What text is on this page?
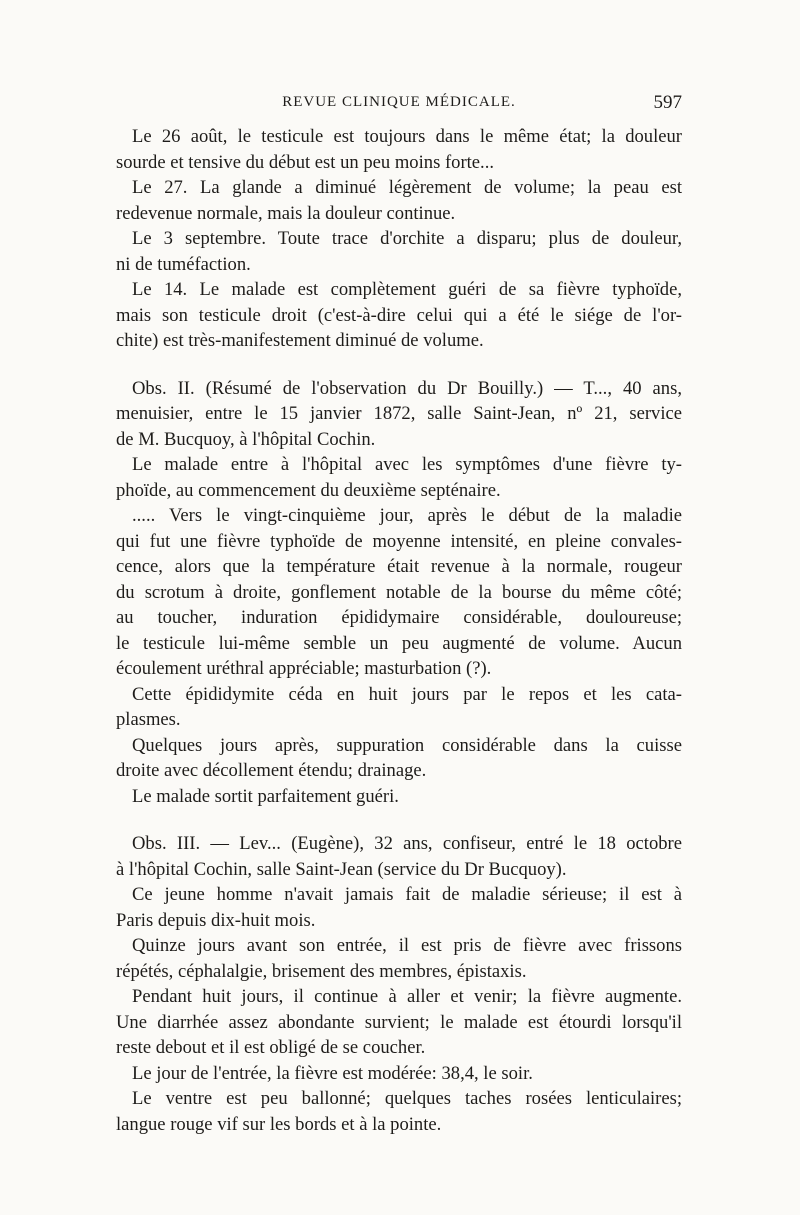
REVUE CLINIQUE MÉDICALE.	597
Le 26 août, le testicule est toujours dans le même état; la douleur
sourde et tensive du début est un peu moins forte...
Le 27. La glande a diminué légèrement de volume; la peau est
redevenue normale, mais la douleur continue.
Le 3 septembre. Toute trace d'orchite a disparu; plus de douleur,
ni de tuméfaction.
Le 14. Le malade est complètement guéri de sa fièvre typhoïde,
mais son testicule droit (c'est-à-dire celui qui a été le siége de l'or-
chite) est très-manifestement diminué de volume.
Obs. II. (Résumé de l'observation du Dr Bouilly.) — T..., 40 ans,
menuisier, entre le 15 janvier 1872, salle Saint-Jean, nº 21, service
de M. Bucquoy, à l'hôpital Cochin.
Le malade entre à l'hôpital avec les symptômes d'une fièvre ty-
phoïde, au commencement du deuxième septénaire.
..... Vers le vingt-cinquième jour, après le début de la maladie
qui fut une fièvre typhoïde de moyenne intensité, en pleine convales-
cence, alors que la température était revenue à la normale, rougeur
du scrotum à droite, gonflement notable de la bourse du même côté;
au toucher, induration épididymaire considérable, douloureuse;
le testicule lui-même semble un peu augmenté de volume. Aucun
écoulement uréthral appréciable; masturbation (?).
Cette épididymite céda en huit jours par le repos et les cata-
plasmes.
Quelques jours après, suppuration considérable dans la cuisse
droite avec décollement étendu; drainage.
Le malade sortit parfaitement guéri.
Obs. III. — Lev... (Eugène), 32 ans, confiseur, entré le 18 octobre
à l'hôpital Cochin, salle Saint-Jean (service du Dr Bucquoy).
Ce jeune homme n'avait jamais fait de maladie sérieuse; il est à
Paris depuis dix-huit mois.
Quinze jours avant son entrée, il est pris de fièvre avec frissons
répétés, céphalalgie, brisement des membres, épistaxis.
Pendant huit jours, il continue à aller et venir; la fièvre augmente.
Une diarrhée assez abondante survient; le malade est étourdi lorsqu'il
reste debout et il est obligé de se coucher.
Le jour de l'entrée, la fièvre est modérée: 38,4, le soir.
Le ventre est peu ballonné; quelques taches rosées lenticulaires;
langue rouge vif sur les bords et à la pointe.
